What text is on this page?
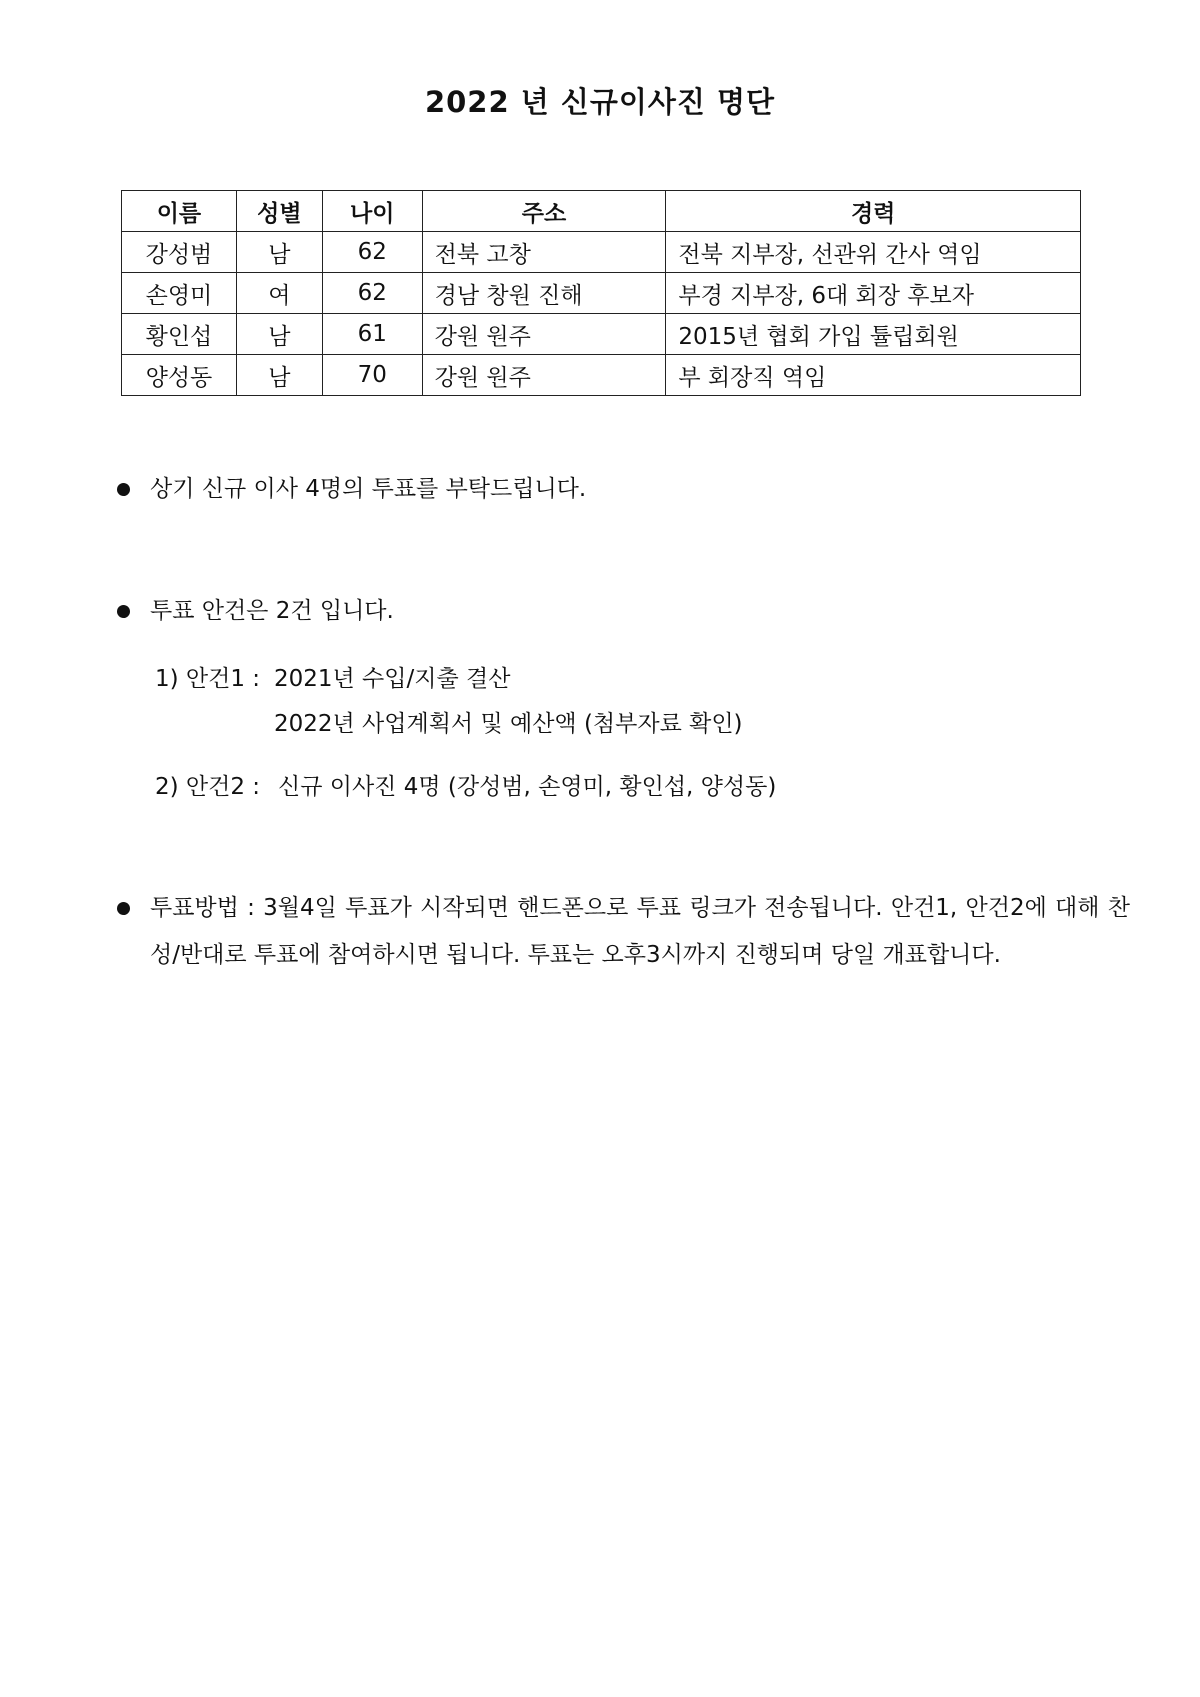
2022 년 신규이사진 명단
이름	성별	나이	주소	경력
강성범	남	62	전북 고창	전북 지부장, 선관위 간사 역임
손영미	여	62	경남 창원 진해	부경 지부장, 6대 회장 후보자
황인섭	남	61	강원 원주	2015년 협회 가입 튤립회원
양성동	남	70	강원 원주	부 회장직 역임
상기 신규 이사 4명의 투표를 부탁드립니다.
투표 안건은 2건 입니다.
1) 안건1 : 2021년 수입/지출 결산
2022년 사업계획서 및 예산액 (첨부자료 확인)
2) 안건2 : 신규 이사진 4명 (강성범, 손영미, 황인섭, 양성동)
투표방법 : 3월4일 투표가 시작되면 핸드폰으로 투표 링크가 전송됩니다. 안건1, 안건2에 대해 찬성/반대로 투표에 참여하시면 됩니다. 투표는 오후3시까지 진행되며 당일 개표합니다.
